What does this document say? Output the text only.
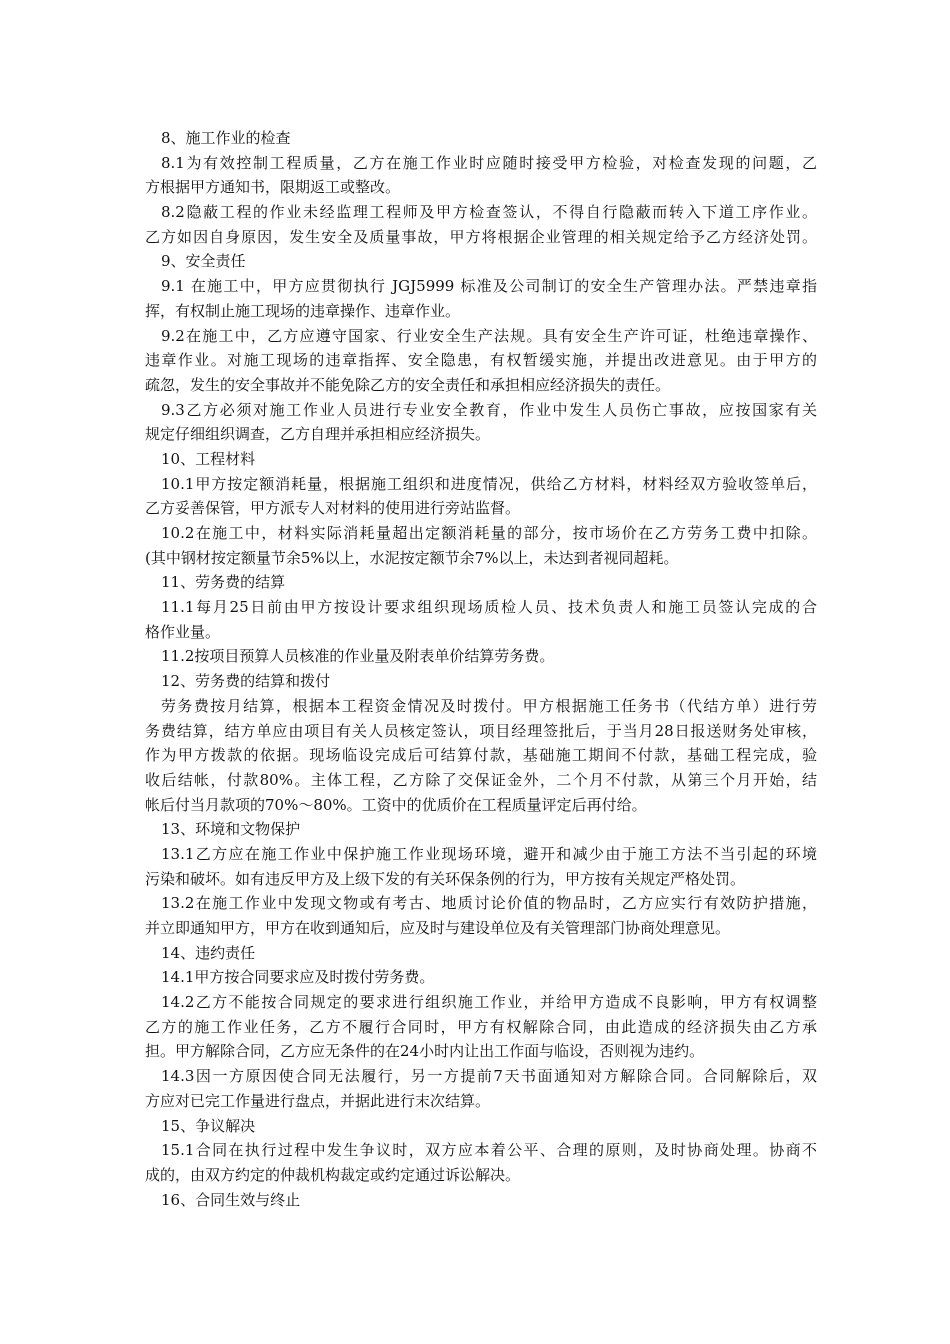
8、施工作业的检查
8.1为有效控制工程质量，乙方在施工作业时应随时接受甲方检验，对检查发现的问题，乙
方根据甲方通知书，限期返工或整改。
8.2隐蔽工程的作业未经监理工程师及甲方检查签认，不得自行隐蔽而转入下道工序作业。
乙方如因自身原因，发生安全及质量事故，甲方将根据企业管理的相关规定给予乙方经济处罚。
9、安全责任
9.1 在施工中，甲方应贯彻执行 JGJ5999 标准及公司制订的安全生产管理办法。严禁违章指
挥，有权制止施工现场的违章操作、违章作业。
9.2在施工中，乙方应遵守国家、行业安全生产法规。具有安全生产许可证，杜绝违章操作、
违章作业。对施工现场的违章指挥、安全隐患，有权暂缓实施，并提出改进意见。由于甲方的
疏忽，发生的安全事故并不能免除乙方的安全责任和承担相应经济损失的责任。
9.3乙方必须对施工作业人员进行专业安全教育，作业中发生人员伤亡事故，应按国家有关
规定仔细组织调查，乙方自理并承担相应经济损失。
10、工程材料
10.1甲方按定额消耗量，根据施工组织和进度情况，供给乙方材料，材料经双方验收签单后，
乙方妥善保管，甲方派专人对材料的使用进行旁站监督。
10.2在施工中，材料实际消耗量超出定额消耗量的部分，按市场价在乙方劳务工费中扣除。
(其中钢材按定额量节余5%以上，水泥按定额节余7%以上，未达到者视同超耗。
11、劳务费的结算
11.1每月25日前由甲方按设计要求组织现场质检人员、技术负责人和施工员签认完成的合
格作业量。
11.2按项目预算人员核准的作业量及附表单价结算劳务费。
12、劳务费的结算和拨付
劳务费按月结算，根据本工程资金情况及时拨付。甲方根据施工任务书（代结方单）进行劳
务费结算，结方单应由项目有关人员核定签认，项目经理签批后，于当月28日报送财务处审核，
作为甲方拨款的依据。现场临设完成后可结算付款，基础施工期间不付款，基础工程完成，验
收后结帐，付款80%。主体工程，乙方除了交保证金外，二个月不付款，从第三个月开始，结
帐后付当月款项的70%～80%。工资中的优质价在工程质量评定后再付给。
13、环境和文物保护
13.1乙方应在施工作业中保护施工作业现场环境，避开和减少由于施工方法不当引起的环境
污染和破坏。如有违反甲方及上级下发的有关环保条例的行为，甲方按有关规定严格处罚。
13.2在施工作业中发现文物或有考古、地质讨论价值的物品时，乙方应实行有效防护措施，
并立即通知甲方，甲方在收到通知后，应及时与建设单位及有关管理部门协商处理意见。
14、违约责任
14.1甲方按合同要求应及时拨付劳务费。
14.2乙方不能按合同规定的要求进行组织施工作业，并给甲方造成不良影响，甲方有权调整
乙方的施工作业任务，乙方不履行合同时，甲方有权解除合同，由此造成的经济损失由乙方承
担。甲方解除合同，乙方应无条件的在24小时内让出工作面与临设，否则视为违约。
14.3因一方原因使合同无法履行，另一方提前7天书面通知对方解除合同。合同解除后，双
方应对已完工作量进行盘点，并据此进行末次结算。
15、争议解决
15.1合同在执行过程中发生争议时，双方应本着公平、合理的原则，及时协商处理。协商不
成的，由双方约定的仲裁机构裁定或约定通过诉讼解决。
16、合同生效与终止
